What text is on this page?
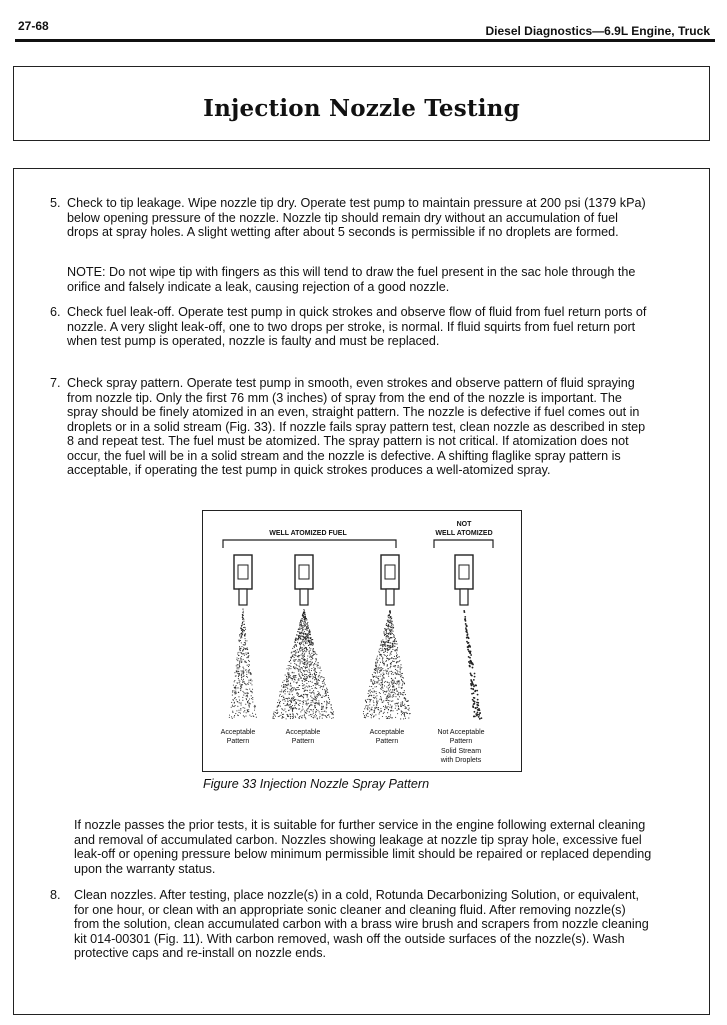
27-68	Diesel Diagnostics—6.9L Engine, Truck
Injection Nozzle Testing
5. Check to tip leakage. Wipe nozzle tip dry. Operate test pump to maintain pressure at 200 psi (1379 kPa) below opening pressure of the nozzle. Nozzle tip should remain dry without an accumulation of fuel drops at spray holes. A slight wetting after about 5 seconds is permissible if no droplets are formed.
NOTE: Do not wipe tip with fingers as this will tend to draw the fuel present in the sac hole through the orifice and falsely indicate a leak, causing rejection of a good nozzle.
6. Check fuel leak-off. Operate test pump in quick strokes and observe flow of fluid from fuel return ports of nozzle. A very slight leak-off, one to two drops per stroke, is normal. If fluid squirts from fuel return port when test pump is operated, nozzle is faulty and must be replaced.
7. Check spray pattern. Operate test pump in smooth, even strokes and observe pattern of fluid spraying from nozzle tip. Only the first 76 mm (3 inches) of spray from the end of the nozzle is important. The spray should be finely atomized in an even, straight pattern. The nozzle is defective if fuel comes out in droplets or in a solid stream (Fig. 33). If nozzle fails spray pattern test, clean nozzle as described in step 8 and repeat test. The fuel must be atomized. The spray pattern is not critical. If atomization does not occur, the fuel will be in a solid stream and the nozzle is defective. A shifting flaglike spray pattern is acceptable, if operating the test pump in quick strokes produces a well-atomized spray.
WELL ATOMIZED FUEL
NOT
WELL ATOMIZED
Acceptable
Pattern
Acceptable
Pattern
Acceptable
Pattern
Not Acceptable
Pattern
Solid Stream
with Droplets
Figure 33 Injection Nozzle Spray Pattern
If nozzle passes the prior tests, it is suitable for further service in the engine following external cleaning and removal of accumulated carbon. Nozzles showing leakage at nozzle tip spray hole, excessive fuel leak-off or opening pressure below minimum permissible limit should be repaired or replaced depending upon the warranty status.
8. Clean nozzles. After testing, place nozzle(s) in a cold, Rotunda Decarbonizing Solution, or equivalent, for one hour, or clean with an appropriate sonic cleaner and cleaning fluid. After removing nozzle(s) from the solution, clean accumulated carbon with a brass wire brush and scrapers from nozzle cleaning kit 014-00301 (Fig. 11). With carbon removed, wash off the outside surfaces of the nozzle(s). Wash protective caps and re-install on nozzle ends.
